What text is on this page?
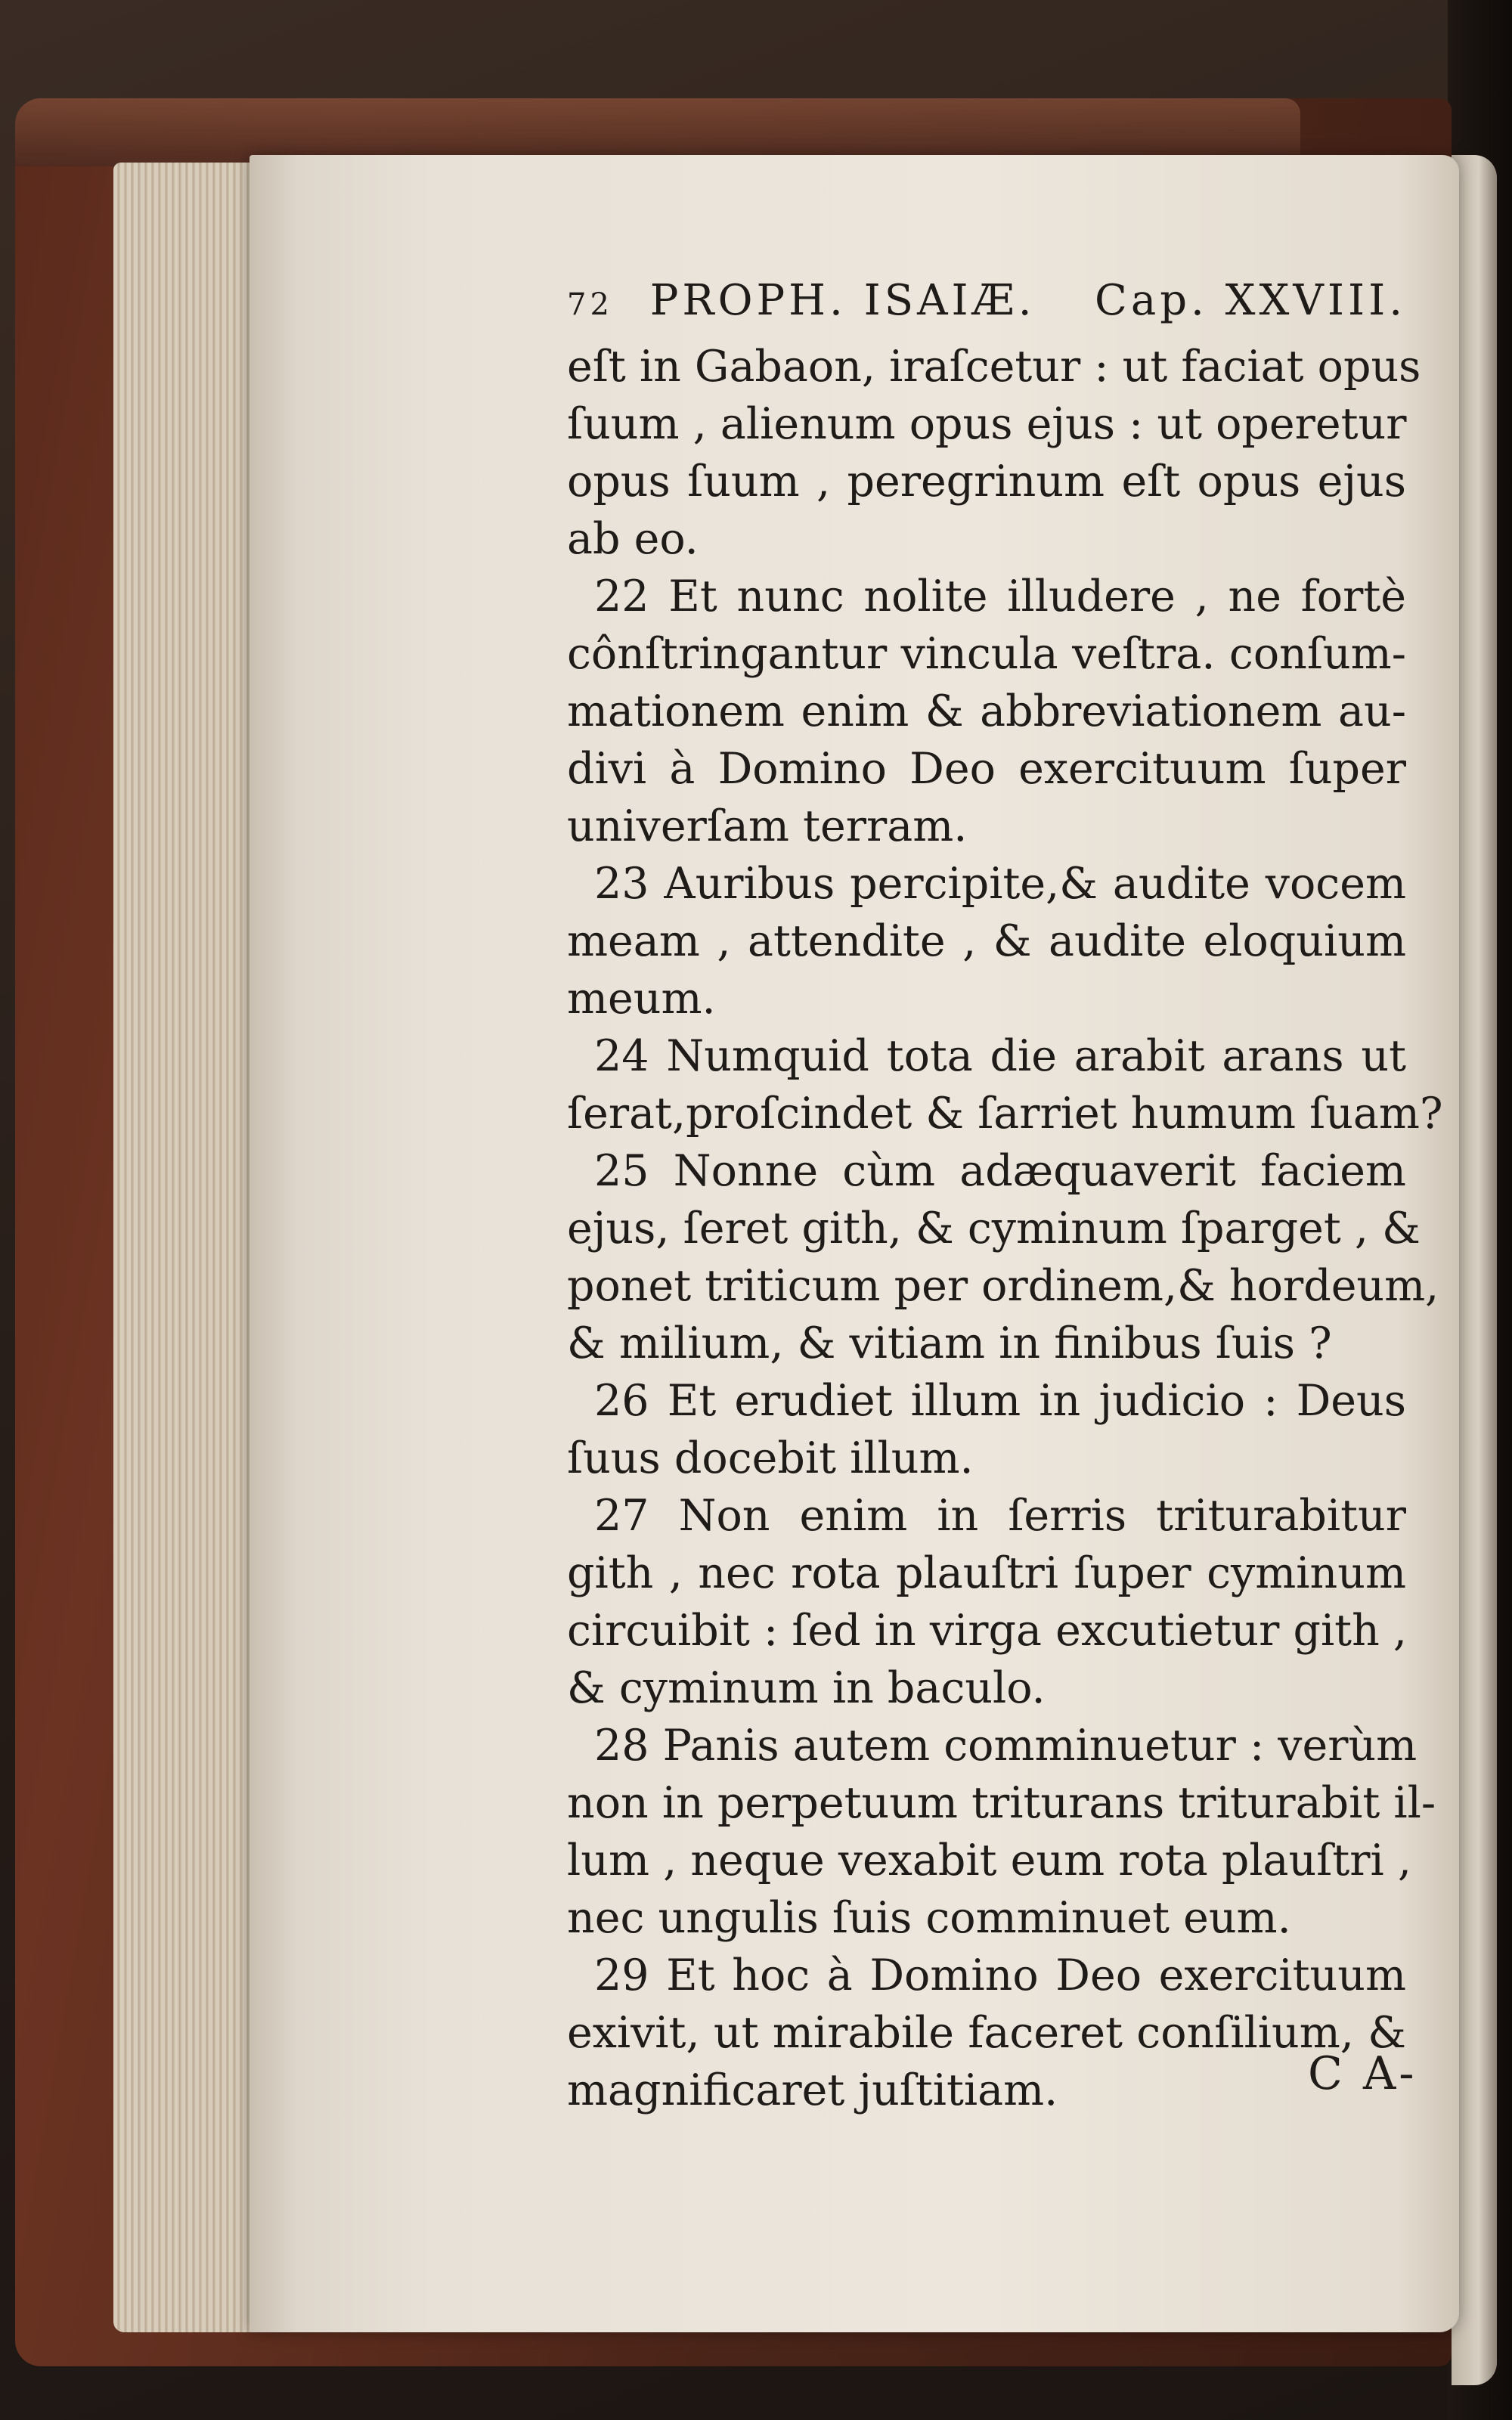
72 PROPH. ISAIÆ. Cap. XXVIII.
eſt in Gabaon, iraſcetur : ut faciat opus
ſuum , alienum opus ejus : ut operetur
opus ſuum , peregrinum eſt opus ejus
ab eo.
22 Et nunc nolite illudere , ne fortè
cônſtringantur vincula veſtra. conſum-
mationem enim & abbreviationem au-
divi à Domino Deo exercituum ſuper
univerſam terram.
23 Auribus percipite,& audite vocem
meam , attendite , & audite eloquium
meum.
24 Numquid tota die arabit arans ut
ſerat,proſcindet & ſarriet humum ſuam?
25 Nonne cùm adæquaverit faciem
ejus, ſeret gith, & cyminum ſparget , &
ponet triticum per ordinem,& hordeum,
& milium, & vitiam in finibus ſuis ?
26 Et erudiet illum in judicio : Deus
ſuus docebit illum.
27 Non enim in ſerris triturabitur
gith , nec rota plauſtri ſuper cyminum
circuibit : ſed in virga excutietur gith ,
& cyminum in baculo.
28 Panis autem comminuetur : verùm
non in perpetuum triturans triturabit il-
lum , neque vexabit eum rota plauſtri ,
nec ungulis ſuis comminuet eum.
29 Et hoc à Domino Deo exercituum
exivit, ut mirabile faceret conſilium, &
magnificaret juſtitiam.	C A-
